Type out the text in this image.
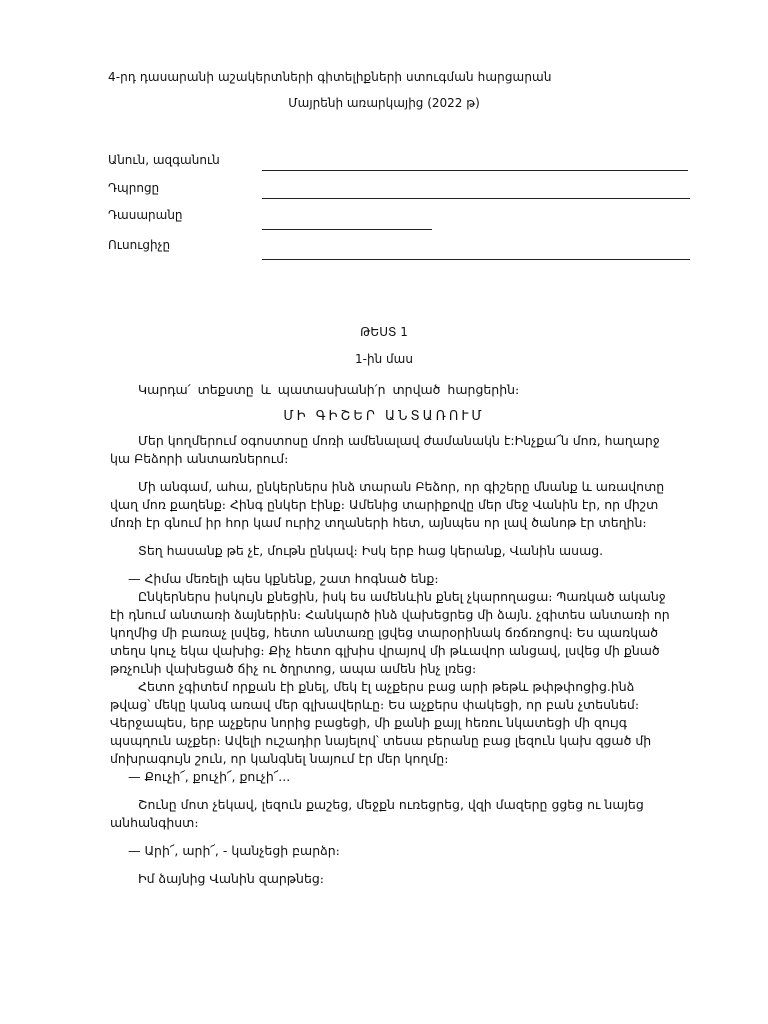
4-րդ դասարանի աշակերտների գիտելիքների ստուգման հարցարան
Մայրենի առարկայից (2022 թ)
Անուն, ազգանուն
Դպրոցը
Դասարանը
Ուսուցիչը
ԹԵՍՏ 1
1-ին մաս
Կարդա՛ տեքստը և պատասխանի՛ր տրված հարցերին։
ՄԻ ԳԻՇԵՐ ԱՆՏԱՌՈՒՄ

Մեր կողմերում օգոստոսը մոռի ամենալավ ժամանակն է:Ինչքա՜ն մոռ, հաղարջ կա Բեձորի անտառներում։

Մի անգամ, ահա, ընկերներս ինձ տարան Բեձոր, որ գիշերը մնանք և առավոտը վաղ մոռ քաղենք։ Հինգ ընկեր էինք։ Ամենից տարիքովը մեր մեջ Վանին էր, որ միշտ մոռի էր գնում իր հոր կամ ուրիշ տղաների հետ, այնպես որ լավ ծանոթ էր տեղին։

Տեղ հասանք թե չէ, մութն ընկավ։ Իսկ երբ հաց կերանք, Վանին ասաց.

— Հիմա մեռելի պես կքնենք, շատ հոգնած ենք։

Ընկերներս իսկույն քնեցին, իսկ ես ամենևին քնել չկարողացա։ Պառկած ականջ էի դնում անտառի ձայներին։ Հանկարծ ինձ վախեցրեց մի ձայն. չգիտես անտառի որ կողմից մի բառաչ լսվեց, հետո անտառը լցվեց տարօրինակ ճռճռոցով։ Ես պառկած տեղս կուչ եկա վախից։ Քիչ հետո գլխիս վրայով մի թևավոր անցավ, լսվեց մի քնած թռչունի վախեցած ճիչ ու ծղրտոց, ապա ամեն ինչ լռեց։

Հետո չգիտեմ որքան էի քնել, մեկ էլ աչքերս բաց արի թեթև թփթփոցից.ինձ թվաց՝ մեկը կանգ առավ մեր գլխավերևը։ Ես աչքերս փակեցի, որ բան չտեսնեմ։ Վերջապես, երբ աչքերս նորից բացեցի, մի քանի քայլ հեռու նկատեցի մի զույգ պսպղուն աչքեր։ Ավելի ուշադիր նայելով՝ տեսա բերանը բաց լեզուն կախ զցած մի մոխրագույն շուն, որ կանգնել նայում էր մեր կողմը։

— Քուչի՜, քուչի՜, քուչի՜...

Շունը մոտ չեկավ, լեզուն քաշեց, մեջքն ուռեցրեց, վզի մազերը ցցեց ու նայեց անհանգիստ։

— Արի՜, արի՜, - կանչեցի բարձր։

Իմ ձայնից Վանին զարթնեց։
